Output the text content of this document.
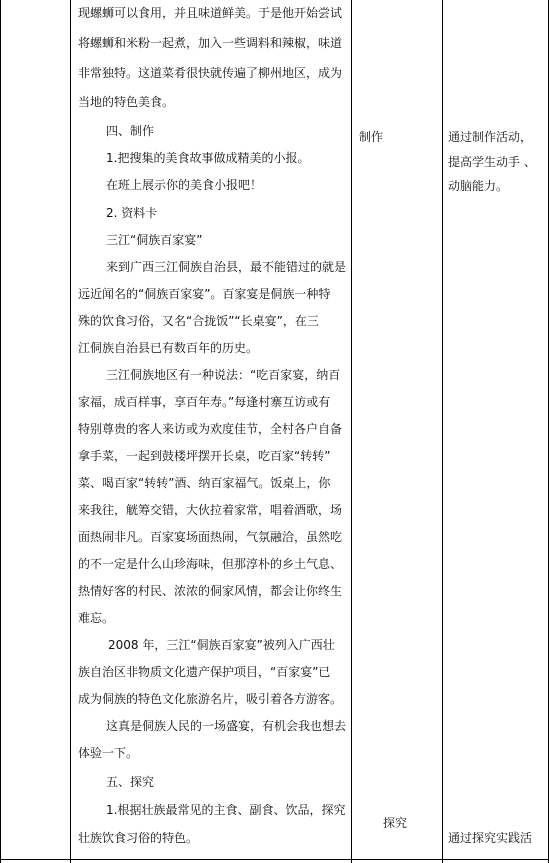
现螺蛳可以食用，并且味道鲜美。于是他开始尝试
将螺蛳和米粉一起煮，加入一些调料和辣椒，味道
非常独特。这道菜肴很快就传遍了柳州地区，成为
当地的特色美食。
四、制作
1.把搜集的美食故事做成精美的小报。
在班上展示你的美食小报吧！
2. 资料卡
三江“侗族百家宴”
来到广西三江侗族自治县，最不能错过的就是
远近闻名的“侗族百家宴”。百家宴是侗族一种特
殊的饮食习俗，又名“合拢饭”“长桌宴”，在三
江侗族自治县已有数百年的历史。
三江侗族地区有一种说法：“吃百家宴，纳百
家福，成百样事，享百年寿。”每逢村寨互访或有
特别尊贵的客人来访或为欢度佳节，全村各户自备
拿手菜，一起到鼓楼坪摆开长桌，吃百家“转转”
菜、喝百家“转转”酒、纳百家福气。饭桌上，你
来我往，觥筹交错，大伙拉着家常，唱着酒歌，场
面热闹非凡。百家宴场面热闹，气氛融洽，虽然吃
的不一定是什么山珍海味，但那淳朴的乡土气息、
热情好客的村民、浓浓的侗家风情，都会让你终生
难忘。
2008 年，三江“侗族百家宴”被列入广西壮
族自治区非物质文化遗产保护项目，“百家宴”已
成为侗族的特色文化旅游名片，吸引着各方游客。
这真是侗族人民的一场盛宴，有机会我也想去
体验一下。
五、探究
1.根据壮族最常见的主食、副食、饮品，探究
壮族饮食习俗的特色。
制作
探究
通过制作活动，
提高学生动手 、
动脑能力。
通过探究实践活
